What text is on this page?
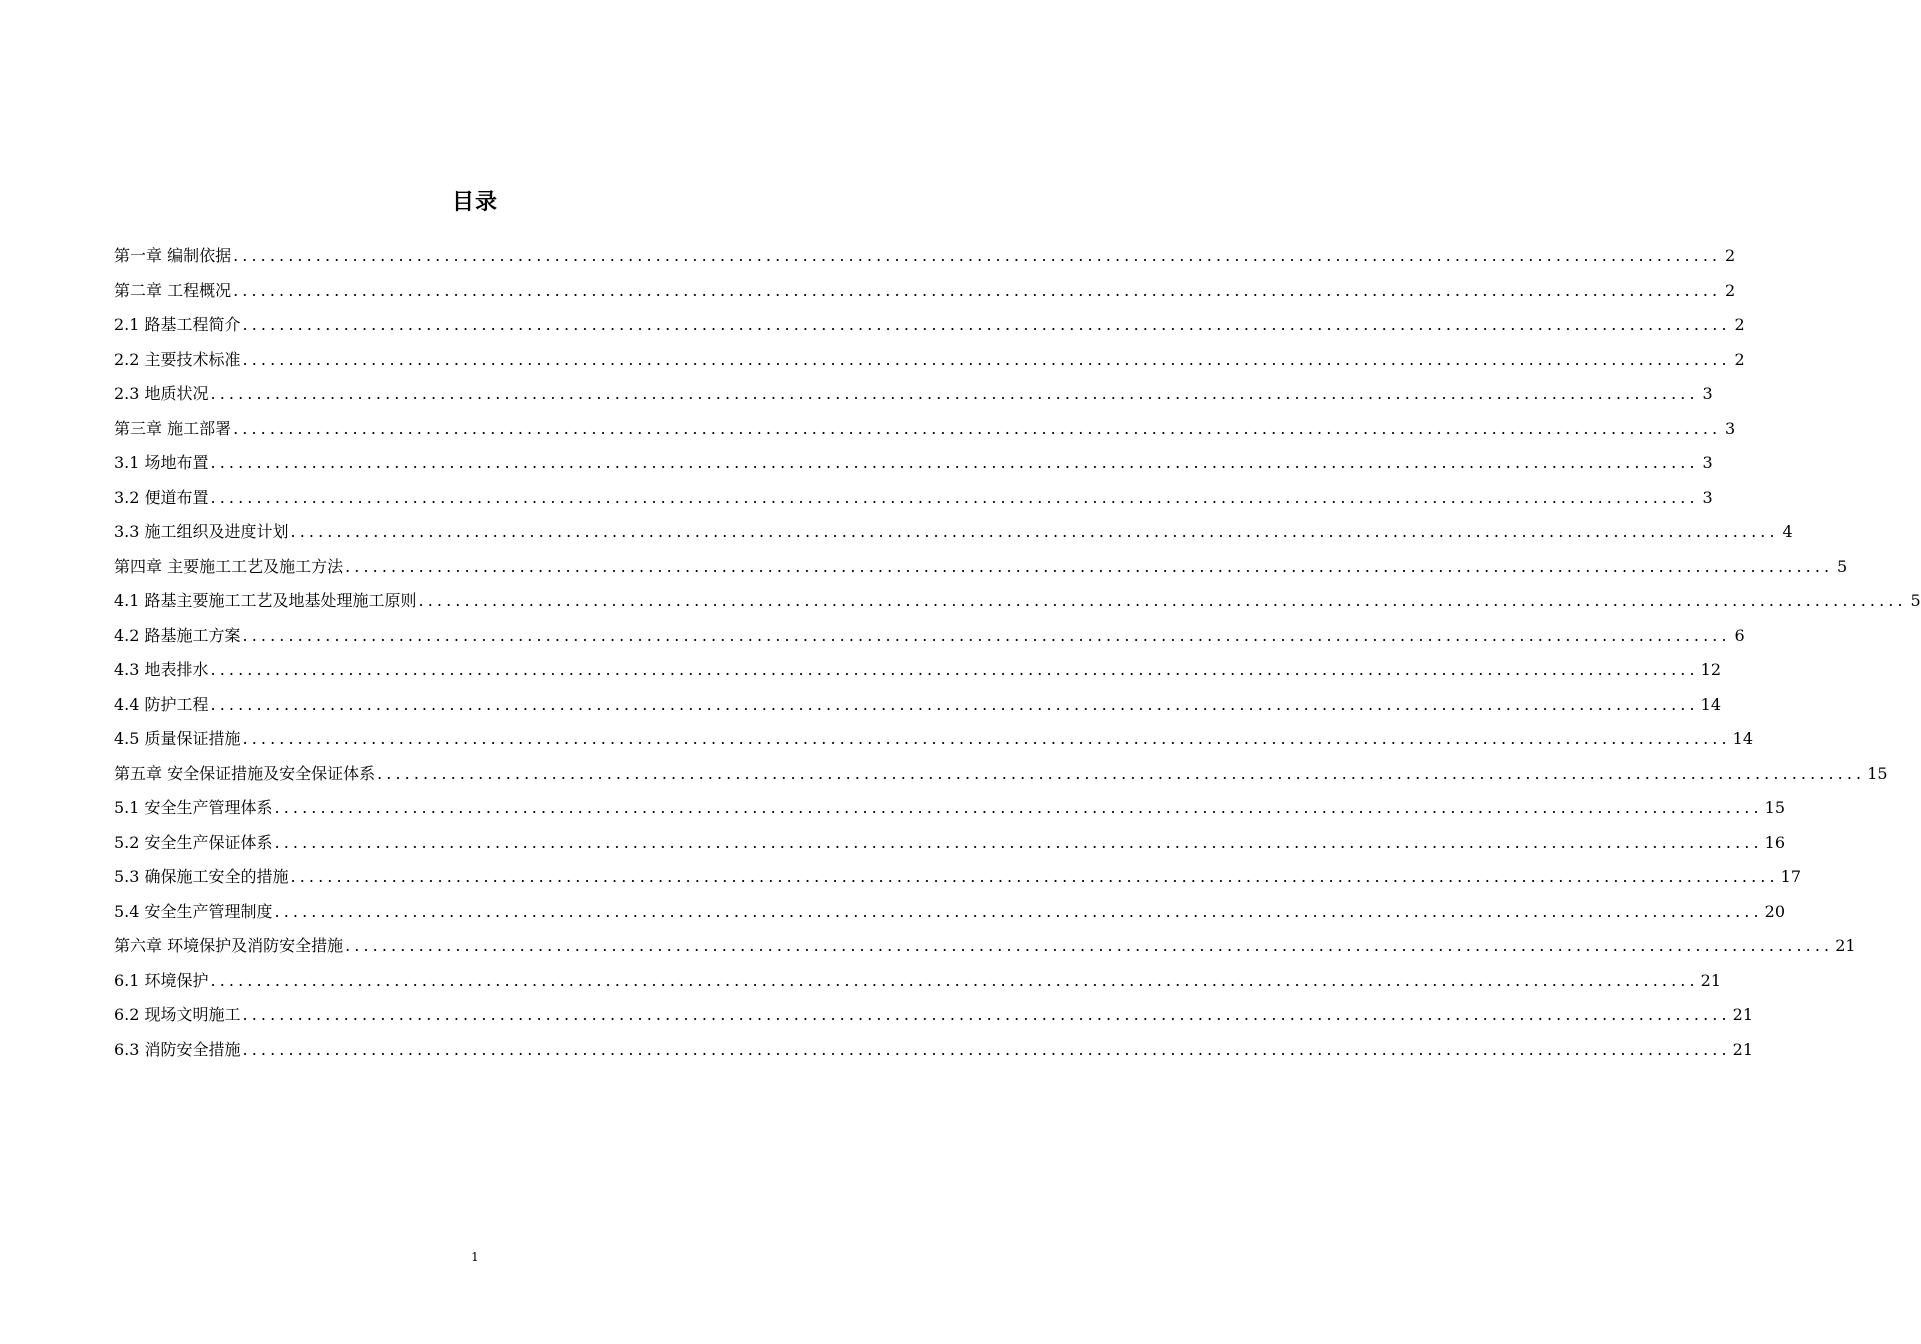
目录
第一章 编制依据 .................................................................................................................................................................. 2
第二章 工程概况 .................................................................................................................................................................. 2
2.1 路基工程简介 .................................................................................................................................................................. 2
2.2 主要技术标准 .................................................................................................................................................................. 2
2.3 地质状况 .................................................................................................................................................................. 3
第三章 施工部署 .................................................................................................................................................................. 3
3.1 场地布置 .................................................................................................................................................................. 3
3.2 便道布置 .................................................................................................................................................................. 3
3.3 施工组织及进度计划 .................................................................................................................................................................. 4
第四章 主要施工工艺及施工方法 .................................................................................................................................................................. 5
4.1 路基主要施工工艺及地基处理施工原则 .................................................................................................................................................................. 5
4.2 路基施工方案 .................................................................................................................................................................. 6
4.3 地表排水 .................................................................................................................................................................. 12
4.4 防护工程 .................................................................................................................................................................. 14
4.5 质量保证措施 .................................................................................................................................................................. 14
第五章 安全保证措施及安全保证体系 .................................................................................................................................................................. 15
5.1 安全生产管理体系 .................................................................................................................................................................. 15
5.2 安全生产保证体系 .................................................................................................................................................................. 16
5.3 确保施工安全的措施 .................................................................................................................................................................. 17
5.4 安全生产管理制度 .................................................................................................................................................................. 20
第六章 环境保护及消防安全措施 .................................................................................................................................................................. 21
6.1 环境保护 .................................................................................................................................................................. 21
6.2 现场文明施工 .................................................................................................................................................................. 21
6.3 消防安全措施 .................................................................................................................................................................. 21
1
